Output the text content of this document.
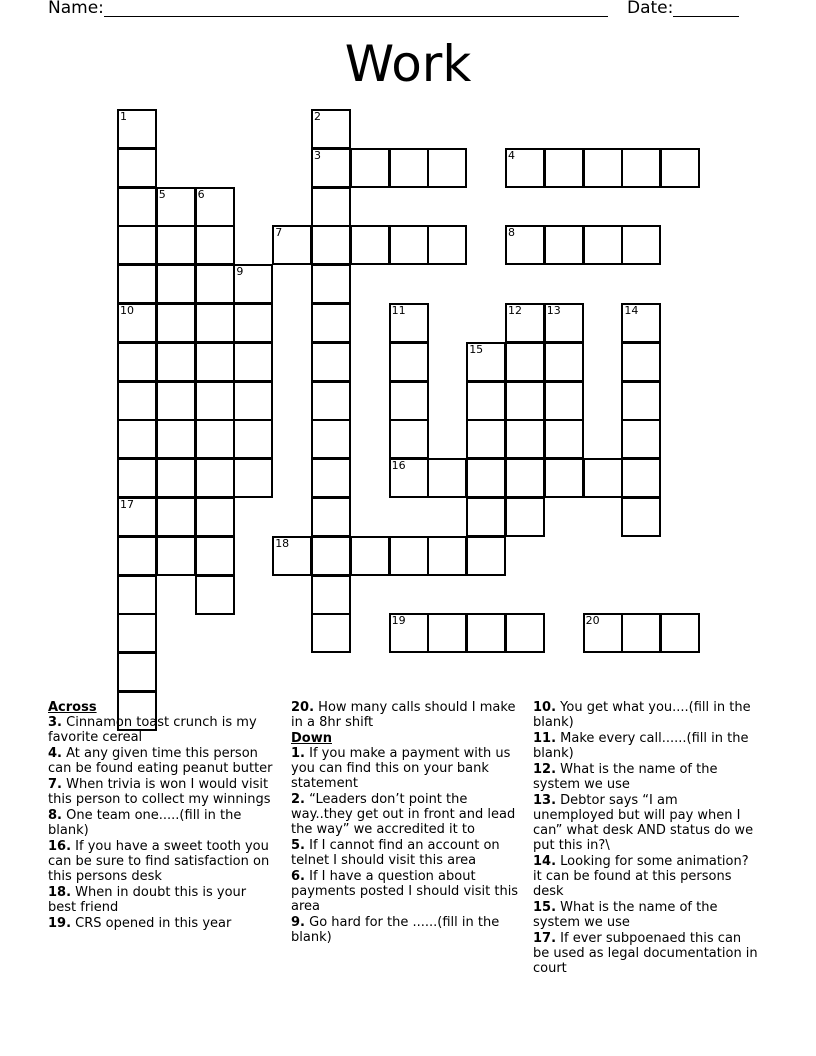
Name:	Date:
Work
1	2
3	4
5	6
7	8
9
10	11	12 13	14
15
16
17
18
19	20
Across
3. Cinnamon toast crunch is my favorite cereal
4. At any given time this person can be found eating peanut butter
7. When trivia is won I would visit this person to collect my winnings
8. One team one.....(fill in the blank)
16. If you have a sweet tooth you can be sure to find satisfaction on this persons desk
18. When in doubt this is your best friend
19. CRS opened in this year
20. How many calls should I make in a 8hr shift
Down
1. If you make a payment with us you can find this on your bank statement
2. “Leaders don’t point the way..they get out in front and lead the way” we accredited it to
5. If I cannot find an account on telnet I should visit this area
6. If I have a question about payments posted I should visit this area
9. Go hard for the ......(fill in the blank)
10. You get what you....(fill in the blank)
11. Make every call......(fill in the blank)
12. What is the name of the system we use
13. Debtor says “I am unemployed but will pay when I can” what desk AND status do we put this in?\
14. Looking for some animation? it can be found at this persons desk
15. What is the name of the system we use
17. If ever subpoenaed this can be used as legal documentation in court
